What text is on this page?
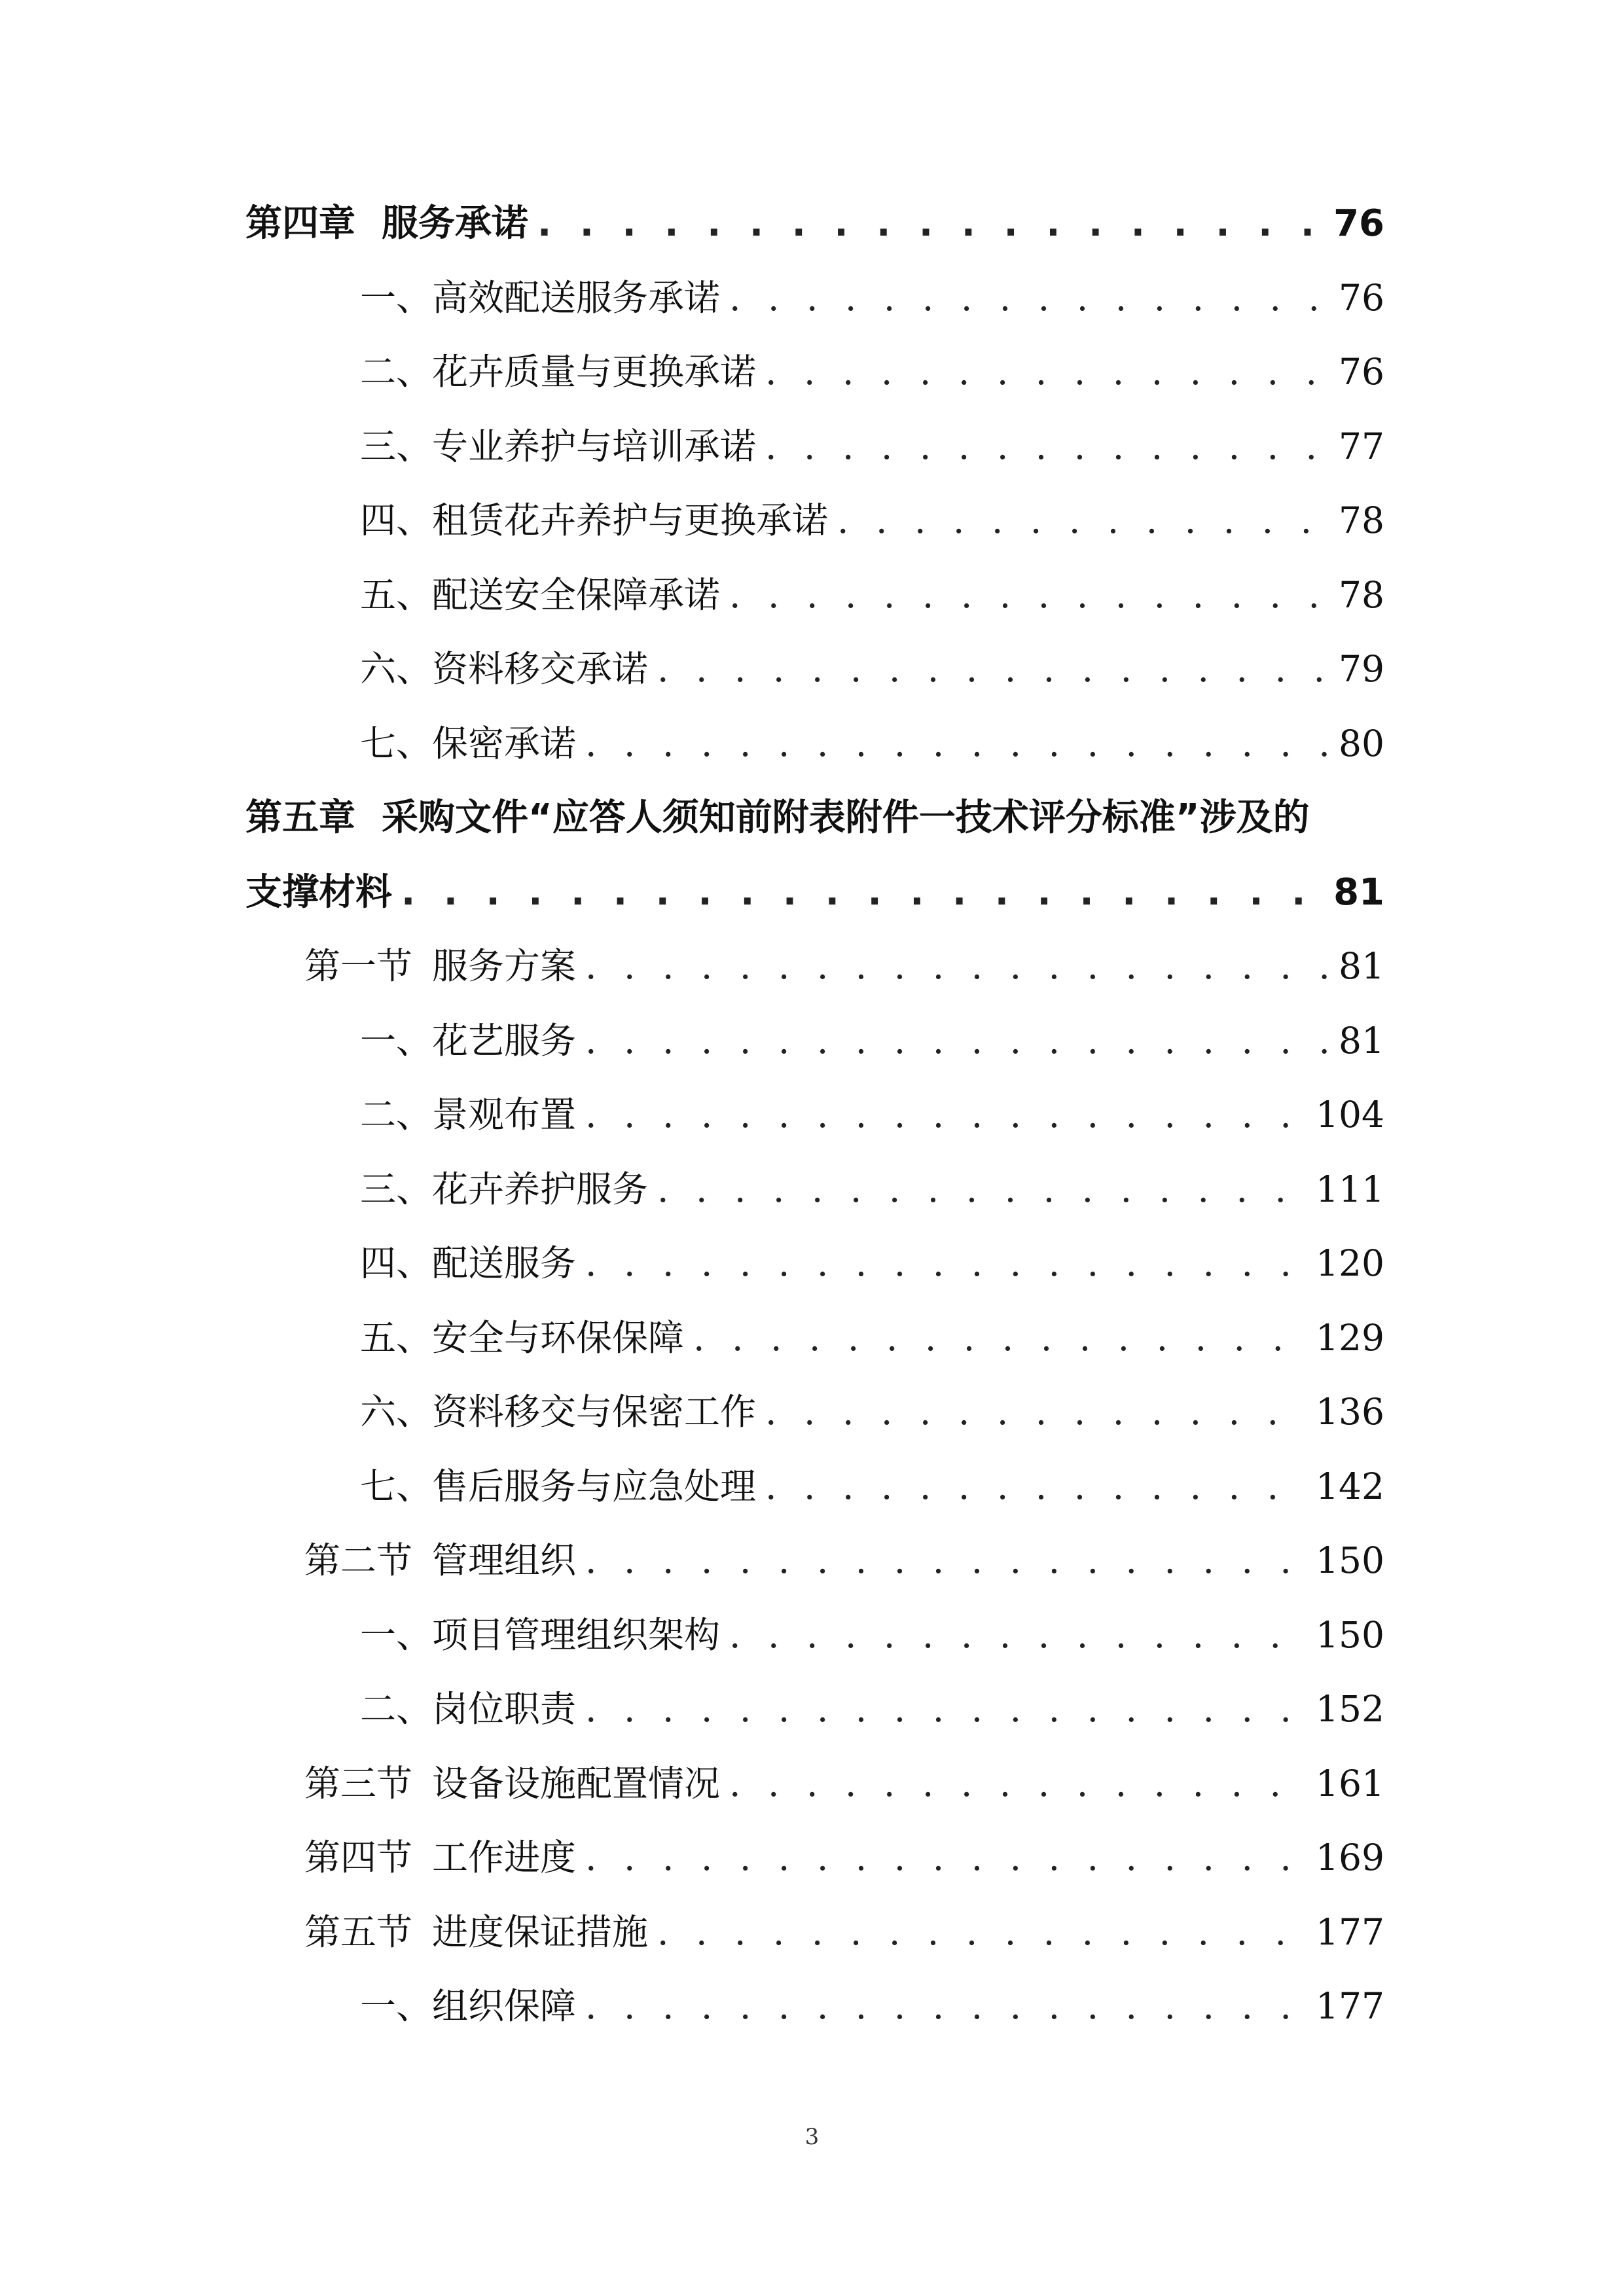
第四章 服务承诺 . . .	76
一、 高效配送服务承诺 . . .	76
二、 花卉质量与更换承诺 . . .	76
三、 专业养护与培训承诺 . . .	77
四、 租赁花卉养护与更换承诺 . . .	78
五、 配送安全保障承诺 . . .	78
六、 资料移交承诺 . . .	79
七、 保密承诺 . . .	80
第五章 采购文件“应答人须知前附表附件一技术评分标准”涉及的
支撑材料 . . .	81
第一节 服务方案 . . .	81
一、 花艺服务 . . .	81
二、 景观布置 . . .	104
三、 花卉养护服务 . . .	111
四、 配送服务 . . .	120
五、 安全与环保保障 . . .	129
六、 资料移交与保密工作 . . .	136
七、 售后服务与应急处理 . . .	142
第二节 管理组织 . . .	150
一、 项目管理组织架构 . . .	150
二、 岗位职责 . . .	152
第三节 设备设施配置情况 . . .	161
第四节 工作进度 . . .	169
第五节 进度保证措施 . . .	177
一、 组织保障 . . .	177
3
